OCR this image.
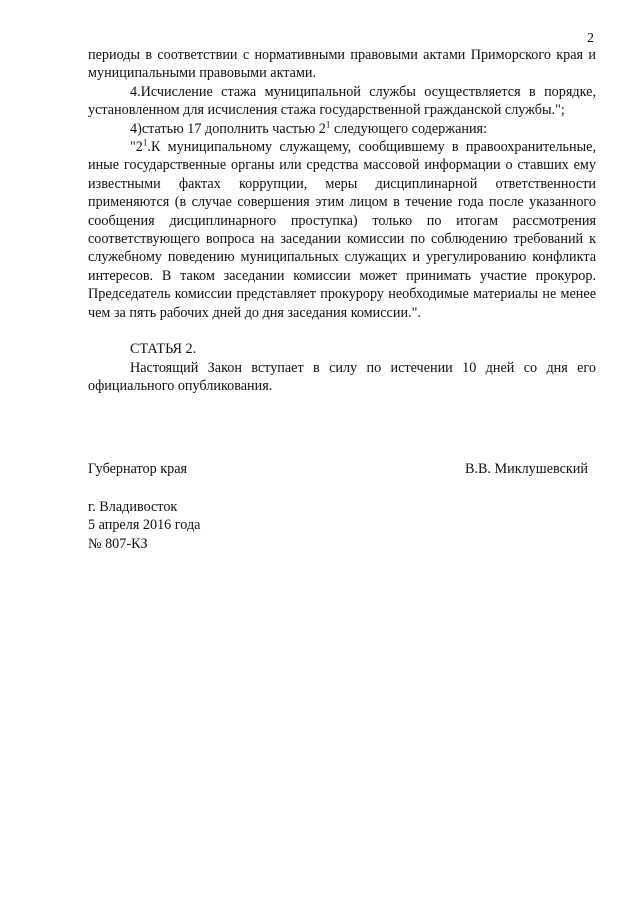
2

периоды в соответствии с нормативными правовыми актами Приморского края и муниципальными правовыми актами.

4.Исчисление стажа муниципальной службы осуществляется в порядке, установленном для исчисления стажа государственной гражданской службы.";

4)статью 17 дополнить частью $2^1$ следующего содержания:

"$2^1.К$ муниципальному служащему, сообщившему в правоохранительные, иные государственные органы или средства массовой информации о ставших ему известными фактах коррупции, меры дисциплинарной ответственности применяются (в случае совершения этим лицом в течение года после указанного сообщения дисциплинарного проступка) только по итогам рассмотрения соответствующего вопроса на заседании комиссии по соблюдению требований к служебному поведению муниципальных служащих и урегулированию конфликта интересов. В таком заседании комиссии может принимать участие прокурор. Председатель комиссии представляет прокурору необходимые материалы не менее чем за пять рабочих дней до дня заседания комиссии.".

СТАТЬЯ 2.

Настоящий Закон вступает в силу по истечении 10 дней со дня его официального опубликования.

Губернатор края	В.В. Миклушевский
г. Владивосток
5 апреля 2016 года
№ 807-КЗ
